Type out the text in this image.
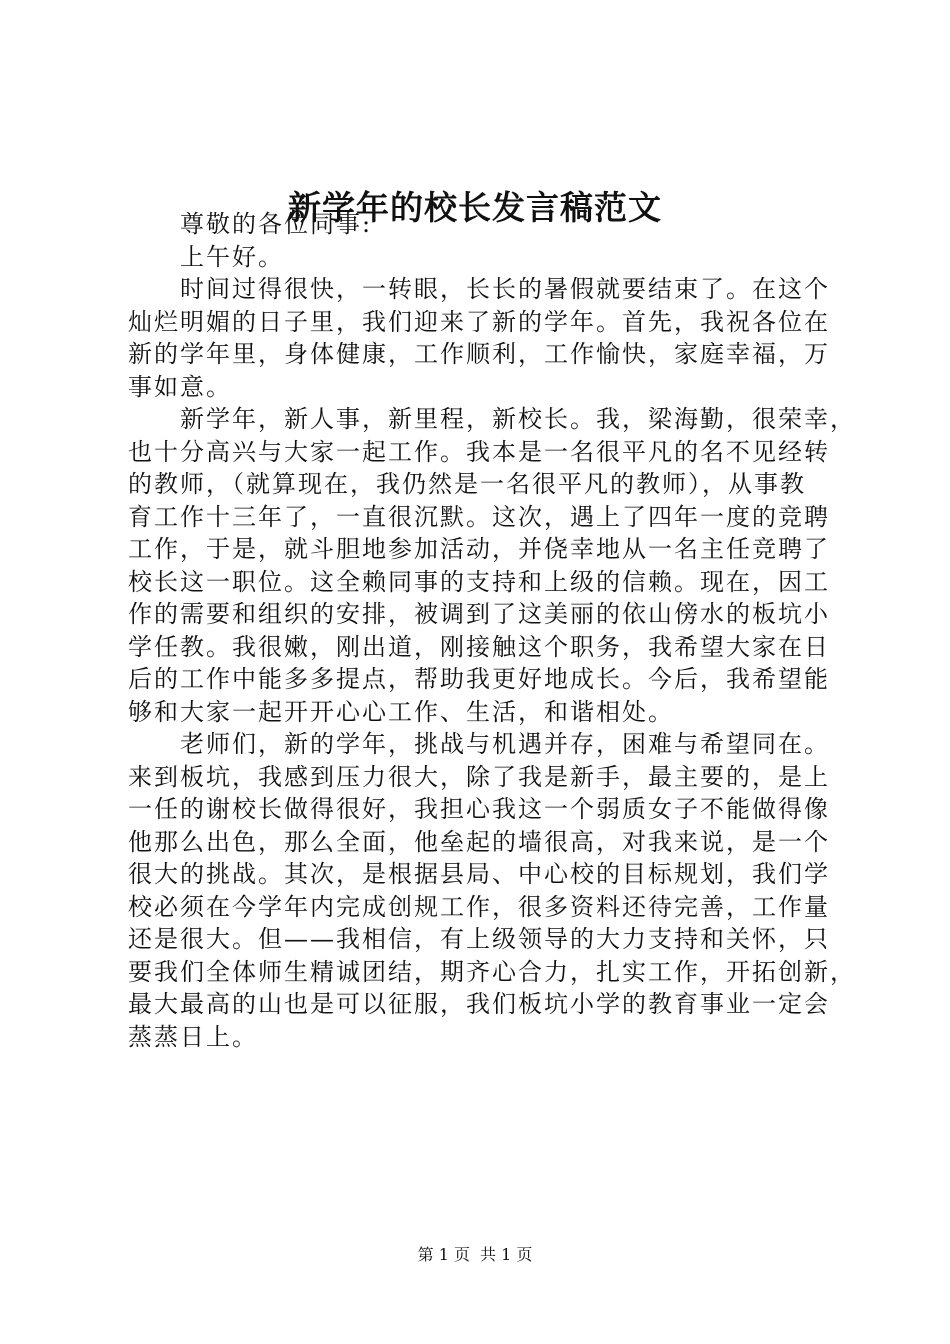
新学年的校长发言稿范文
尊敬的各位同事:
上午好。
时间过得很快，一转眼，长长的暑假就要结束了。在这个
灿烂明媚的日子里，我们迎来了新的学年。首先，我祝各位在
新的学年里，身体健康，工作顺利，工作愉快，家庭幸福，万
事如意。
新学年，新人事，新里程，新校长。我，梁海勤，很荣幸，
也十分高兴与大家一起工作。我本是一名很平凡的名不见经转
的教师，（就算现在，我仍然是一名很平凡的教师），从事教
育工作十三年了，一直很沉默。这次，遇上了四年一度的竞聘
工作，于是，就斗胆地参加活动，并侥幸地从一名主任竞聘了
校长这一职位。这全赖同事的支持和上级的信赖。现在，因工
作的需要和组织的安排，被调到了这美丽的依山傍水的板坑小
学任教。我很嫩，刚出道，刚接触这个职务，我希望大家在日
后的工作中能多多提点，帮助我更好地成长。今后，我希望能
够和大家一起开开心心工作、生活，和谐相处。
老师们，新的学年，挑战与机遇并存，困难与希望同在。
来到板坑，我感到压力很大，除了我是新手，最主要的，是上
一任的谢校长做得很好，我担心我这一个弱质女子不能做得像
他那么出色，那么全面，他垒起的墙很高，对我来说，是一个
很大的挑战。其次，是根据县局、中心校的目标规划，我们学
校必须在今学年内完成创规工作，很多资料还待完善，工作量
还是很大。但——我相信，有上级领导的大力支持和关怀，只
要我们全体师生精诚团结，期齐心合力，扎实工作，开拓创新，
最大最高的山也是可以征服，我们板坑小学的教育事业一定会
蒸蒸日上。
第 1 页 共 1 页
